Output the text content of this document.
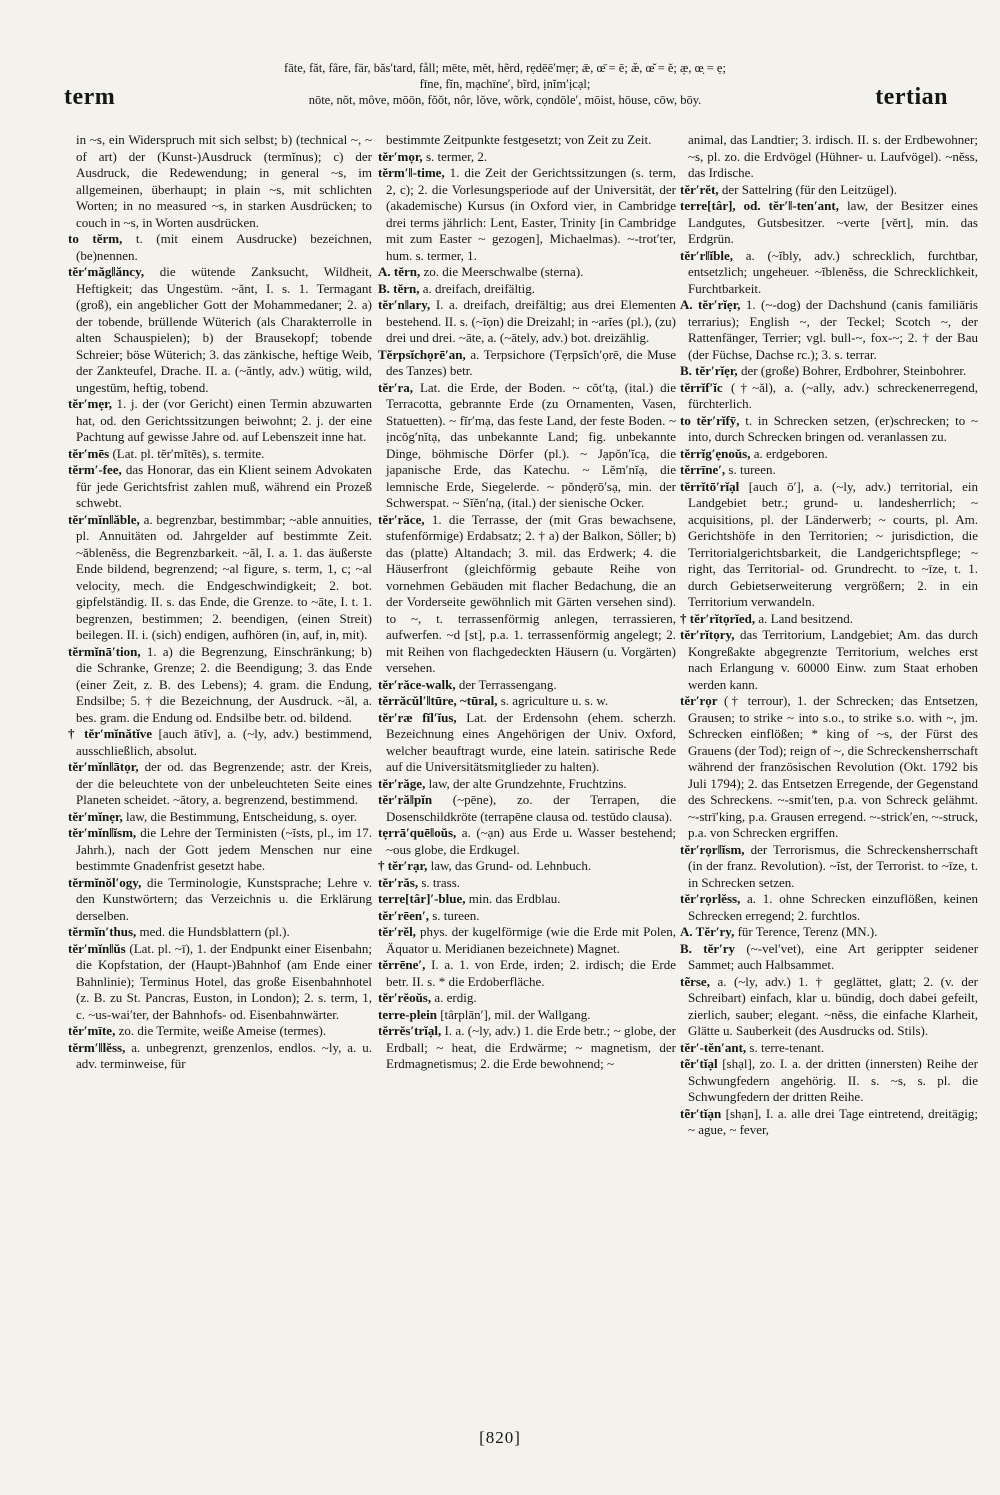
term
fāte, făt, fâre, fär, băs′tard, fåll; mēte, mĕt, hẽrd, rẹdēē′mẹr; ǣ, œ̄ = ē; æ̆, œ̆ = ĕ; æ̣, œ̣ = ẹ;
fīne, fĭn, mạchïne′, bĩrd, ịnĭm′ịcạl;
nōte, nŏt, môve, mōōn, fŏŏt, nôr, lŏve, wõrk, cọndōle′, mōist, hōuse, cōw, bōy.	tertian

in ~s, ein Widerspruch mit sich selbst; b) (technical ~, ~ of art) der (Kunst-)Ausdruck (termĭnus); c) der Ausdruck, die Redewendung; in general ~s, im allgemeinen, überhaupt; in plain ~s, mit schlichten Worten; in no measured ~s, in starken Ausdrücken; to couch in ~s, in Worten ausdrücken.

to tĕrm, t. (mit einem Ausdrucke) bezeichnen, (be)nennen.

tĕr′măg‖ăncy, die wütende Zanksucht, Wildheit, Heftigkeit; das Ungestüm. ~ănt, I. s. 1. Termagant (groß), ein angeblicher Gott der Mohammedaner; 2. a) der tobende, brüllende Wüterich (als Charakterrolle in alten Schauspielen); b) der Brausekopf; tobende Schreier; böse Wüterich; 3. das zänkische, heftige Weib, der Zankteufel, Drache. II. a. (~ăntly, adv.) wütig, wild, ungestüm, heftig, tobend.

tĕr′mẹr, 1. j. der (vor Gericht) einen Termin abzuwarten hat, od. den Gerichtssitzungen beiwohnt; 2. j. der eine Pachtung auf gewisse Jahre od. auf Lebenszeit inne hat.

tĕr′mēs (Lat. pl. tĕr′mĭtēs), s. termite.

tĕrm′-fee, das Honorar, das ein Klient seinem Advokaten für jede Gerichtsfrist zahlen muß, während ein Prozeß schwebt.

tĕr′mĭn‖ăble, a. begrenzbar, bestimmbar; ~able annuities, pl. Annuitäten od. Jahrgelder auf bestimmte Zeit. ~ăblenĕss, die Begrenzbarkeit. ~ăl, I. a. 1. das äußerste Ende bildend, begrenzend; ~al figure, s. term, 1, c; ~al velocity, mech. die Endgeschwindigkeit; 2. bot. gipfelständig. II. s. das Ende, die Grenze. to ~āte, I. t. 1. begrenzen, bestimmen; 2. beendigen, (einen Streit) beilegen. II. i. (sich) endigen, aufhören (in, auf, in, mit).

tĕrmĭnā′tion, 1. a) die Begrenzung, Einschränkung; b) die Schranke, Grenze; 2. die Beendigung; 3. das Ende (einer Zeit, z. B. des Lebens); 4. gram. die Endung, Endsilbe; 5. † die Bezeichnung, der Ausdruck. ~ăl, a. bes. gram. die Endung od. Endsilbe betr. od. bildend.

† tĕr′mĭnătĭve [auch ātĭv], a. (~ly, adv.) bestimmend, ausschließlich, absolut.

tĕr′mĭn‖ātọr, der od. das Begrenzende; astr. der Kreis, der die beleuchtete von der unbeleuchteten Seite eines Planeten scheidet. ~ătory, a. begrenzend, bestimmend.

tĕr′mĭnẹr, law, die Bestimmung, Entscheidung, s. oyer.

tĕr′mĭn‖ĭsm, die Lehre der Terministen (~ĭsts, pl., im 17. Jahrh.), nach der Gott jedem Menschen nur eine bestimmte Gnadenfrist gesetzt habe.

tĕrmĭnŏl′ogy, die Terminologie, Kunstsprache; Lehre v. den Kunstwörtern; das Verzeichnis u. die Erklärung derselben.

tĕrmĭn′thus, med. die Hundsblattern (pl.).

tĕr′mĭn‖ŭs (Lat. pl. ~ī), 1. der Endpunkt einer Eisenbahn; die Kopfstation, der (Haupt-)Bahnhof (am Ende einer Bahnlinie); Terminus Hotel, das große Eisenbahnhotel (z. B. zu St. Pancras, Euston, in London); 2. s. term, 1, c. ~us-wai′ter, der Bahnhofs- od. Eisenbahnwärter.

tĕr′mīte, zo. die Termite, weiße Ameise (termes).

tĕrm′‖lĕss, a. unbegrenzt, grenzenlos, endlos. ~ly, a. u. adv. terminweise, für

bestimmte Zeitpunkte festgesetzt; von Zeit zu Zeit.

tĕr′mọr, s. termer, 2.

tĕrm′‖-time, 1. die Zeit der Gerichtssitzungen (s. term, 2, c); 2. die Vorlesungsperiode auf der Universität, der (akademische) Kursus (in Oxford vier, in Cambridge drei terms jährlich: Lent, Easter, Trinity [in Cambridge mit zum Easter ~ gezogen], Michaelmas). ~-trot′ter, hum. s. termer, 1.

A. tĕrn, zo. die Meerschwalbe (sterna).

B. tĕrn, a. dreifach, dreifältig.

tĕr′n‖ary, I. a. dreifach, dreifältig; aus drei Elementen bestehend. II. s. (~ĭọn) die Dreizahl; in ~arĭes (pl.), (zu) drei und drei. ~āte, a. (~ātely, adv.) bot. dreizählig.

Tĕrpsĭchọrē′an, a. Terpsichore (Tẹrpsĭch′ọrē, die Muse des Tanzes) betr.

tĕr′ra, Lat. die Erde, der Boden. ~ cŏt′tạ, (ital.) die Terracotta, gebrannte Erde (zu Ornamenten, Vasen, Statuetten). ~ fĭr′mạ, das feste Land, der feste Boden. ~ ịncŏg′nĭtạ, das unbekannte Land; fig. unbekannte Dinge, böhmische Dörfer (pl.). ~ Jạpŏn′ĭcạ, die japanische Erde, das Katechu. ~ Lĕm′nĭạ, die lemnische Erde, Siegelerde. ~ pŏndẹrō′sạ, min. der Schwerspat. ~ Sĭĕn′nạ, (ital.) der sienische Ocker.

tĕr′răce, 1. die Terrasse, der (mit Gras bewachsene, stufenförmige) Erdabsatz; 2. † a) der Balkon, Söller; b) das (platte) Altandach; 3. mil. das Erdwerk; 4. die Häuserfront (gleichförmig gebaute Reihe von vornehmen Gebäuden mit flacher Bedachung, die an der Vorderseite gewöhnlich mit Gärten versehen sind). to ~, t. terrassenförmig anlegen, terrassieren, aufwerfen. ~d [st], p.a. 1. terrassenförmig angelegt; 2. mit Reihen von flachgedeckten Häusern (u. Vorgärten) versehen.

tĕr′răce-walk, der Terrassengang.

tĕrrăcŭl′‖tūre, ~tūral, s. agriculture u. s. w.

tĕr′ræ fĭl′ĭus, Lat. der Erdensohn (ehem. scherzh. Bezeichnung eines Angehörigen der Univ. Oxford, welcher beauftragt wurde, eine latein. satirische Rede auf die Universitätsmitglieder zu halten).

tĕr′răge, law, der alte Grundzehnte, Fruchtzins.

tĕr′ră‖pĭn (~pēne), zo. der Terrapen, die Dosenschildkröte (terrapēne clausa od. testūdo clausa).

tẹrrā′quē‖oŭs, a. (~ạn) aus Erde u. Wasser bestehend; ~ous globe, die Erdkugel.

† tĕr′rạr, law, das Grund- od. Lehnbuch.

tĕr′răs, s. trass.

terre[târ]′-blue, min. das Erdblau.

tĕr′rēen′, s. tureen.

tĕr′rĕl, phys. der kugelförmige (wie die Erde mit Polen, Äquator u. Meridianen bezeichnete) Magnet.

tĕrrēne′, I. a. 1. von Erde, irden; 2. irdisch; die Erde betr. II. s. * die Erdoberfläche.

tĕr′rĕoŭs, a. erdig.

terre-plein [târplān′], mil. der Wallgang.

tĕrrĕs′trĭạl, I. a. (~ly, adv.) 1. die Erde betr.; ~ globe, der Erdball; ~ heat, die Erdwärme; ~ magnetism, der Erdmagnetismus; 2. die Erde bewohnend; ~

animal, das Landtier; 3. irdisch. II. s. der Erdbewohner; ~s, pl. zo. die Erdvögel (Hühner- u. Laufvögel). ~nĕss, das Irdische.

tĕr′rĕt, der Sattelring (für den Leitzügel).

terre[târ], od. tĕr′‖-ten′ant, law, der Besitzer eines Landgutes, Gutsbesitzer. ~verte [vĕrt], min. das Erdgrün.

tĕr′r‖ĭble, a. (~ĭbly, adv.) schrecklich, furchtbar, entsetzlich; ungeheuer. ~ĭblenĕss, die Schrecklichkeit, Furchtbarkeit.

A. tĕr′rĭẹr, 1. (~-dog) der Dachshund (canis familiāris terrarius); English ~, der Teckel; Scotch ~, der Rattenfänger, Terrier; vgl. bull-~, fox-~; 2. † der Bau (der Füchse, Dachse rc.); 3. s. terrar.

B. tĕr′rĭẹr, der (große) Bohrer, Erdbohrer, Steinbohrer.

tĕrrĭf′ĭc (†~ăl), a. (~ally, adv.) schreckenerregend, fürchterlich.

to tĕr′rĭfȳ, t. in Schrecken setzen, (er)schrecken; to ~ into, durch Schrecken bringen od. veranlassen zu.

tĕrrĭg′ẹnoŭs, a. erdgeboren.

tĕrrīne′, s. tureen.

tĕrrĭtō′rĭạl [auch ō′], a. (~ly, adv.) territorial, ein Landgebiet betr.; grund- u. landesherrlich; ~ acquisitions, pl. der Länderwerb; ~ courts, pl. Am. Gerichtshöfe in den Territorien; ~ jurisdiction, die Territorialgerichtsbarkeit, die Landgerichtspflege; ~ right, das Territorial- od. Grundrecht. to ~īze, t. 1. durch Gebietserweiterung vergrößern; 2. in ein Territorium verwandeln.

† tĕr′rĭtọrĭed, a. Land besitzend.

tĕr′rĭtọry, das Territorium, Landgebiet; Am. das durch Kongreßakte abgegrenzte Territorium, welches erst nach Erlangung v. 60000 Einw. zum Staat erhoben werden kann.

tĕr′rọr († terrour), 1. der Schrecken; das Entsetzen, Grausen; to strike ~ into s.o., to strike s.o. with ~, jm. Schrecken einflößen; * king of ~s, der Fürst des Grauens (der Tod); reign of ~, die Schreckensherrschaft während der französischen Revolution (Okt. 1792 bis Juli 1794); 2. das Entsetzen Erregende, der Gegenstand des Schreckens. ~-smit′ten, p.a. von Schreck gelähmt. ~-strī′king, p.a. Grausen erregend. ~-strick′en, ~-struck, p.a. von Schrecken ergriffen.

tĕr′rọr‖ĭsm, der Terrorismus, die Schreckensherrschaft (in der franz. Revolution). ~ĭst, der Terrorist. to ~īze, t. in Schrecken setzen.

tĕr′rọrlĕss, a. 1. ohne Schrecken einzuflößen, keinen Schrecken erregend; 2. furchtlos.

A. Tĕr′ry, für Terence, Terenz (MN.).

B. tĕr′ry (~-vel′vet), eine Art gerippter seidener Sammet; auch Halbsammet.

tẽrse, a. (~ly, adv.) 1. † geglättet, glatt; 2. (v. der Schreibart) einfach, klar u. bündig, doch dabei gefeilt, zierlich, sauber; elegant. ~nĕss, die einfache Klarheit, Glätte u. Sauberkeit (des Ausdrucks od. Stils).

tĕr′-tĕn′ant, s. terre-tenant.

tẽr′tĭạl [shạl], zo. I. a. der dritten (innersten) Reihe der Schwungfedern angehörig. II. s. ~s, s. pl. die Schwungfedern der dritten Reihe.

tẽr′tĭạn [shạn], I. a. alle drei Tage eintretend, dreitägig; ~ ague, ~ fever,

[820]
